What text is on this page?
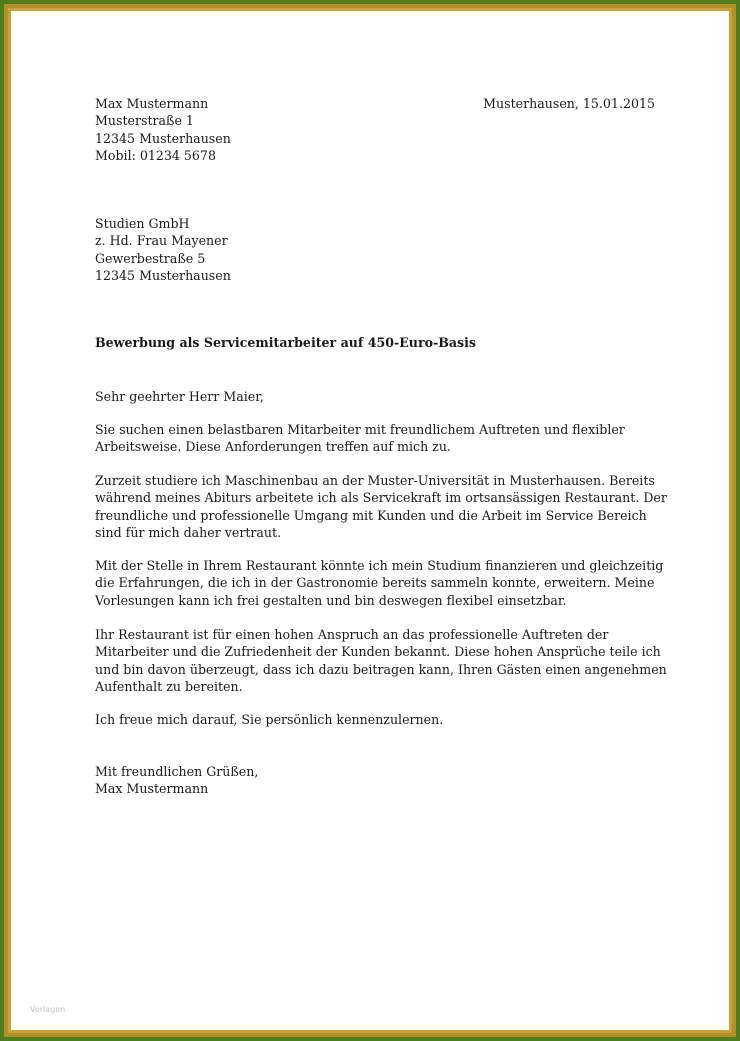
Max Mustermann
Musterstraße 1
12345 Musterhausen
Mobil: 01234 5678
Musterhausen, 15.01.2015
Studien GmbH
z. Hd. Frau Mayener
Gewerbestraße 5
12345 Musterhausen
Bewerbung als Servicemitarbeiter auf 450-Euro-Basis
Sehr geehrter Herr Maier,
Sie suchen einen belastbaren Mitarbeiter mit freundlichem Auftreten und flexibler
Arbeitsweise. Diese Anforderungen treffen auf mich zu.
Zurzeit studiere ich Maschinenbau an der Muster-Universität in Musterhausen. Bereits
während meines Abiturs arbeitete ich als Servicekraft im ortsansässigen Restaurant. Der
freundliche und professionelle Umgang mit Kunden und die Arbeit im Service Bereich
sind für mich daher vertraut.
Mit der Stelle in Ihrem Restaurant könnte ich mein Studium finanzieren und gleichzeitig
die Erfahrungen, die ich in der Gastronomie bereits sammeln konnte, erweitern. Meine
Vorlesungen kann ich frei gestalten und bin deswegen flexibel einsetzbar.
Ihr Restaurant ist für einen hohen Anspruch an das professionelle Auftreten der
Mitarbeiter und die Zufriedenheit der Kunden bekannt. Diese hohen Ansprüche teile ich
und bin davon überzeugt, dass ich dazu beitragen kann, Ihren Gästen einen angenehmen
Aufenthalt zu bereiten.
Ich freue mich darauf, Sie persönlich kennenzulernen.
Mit freundlichen Grüßen,
Max Mustermann
Vorlagen
